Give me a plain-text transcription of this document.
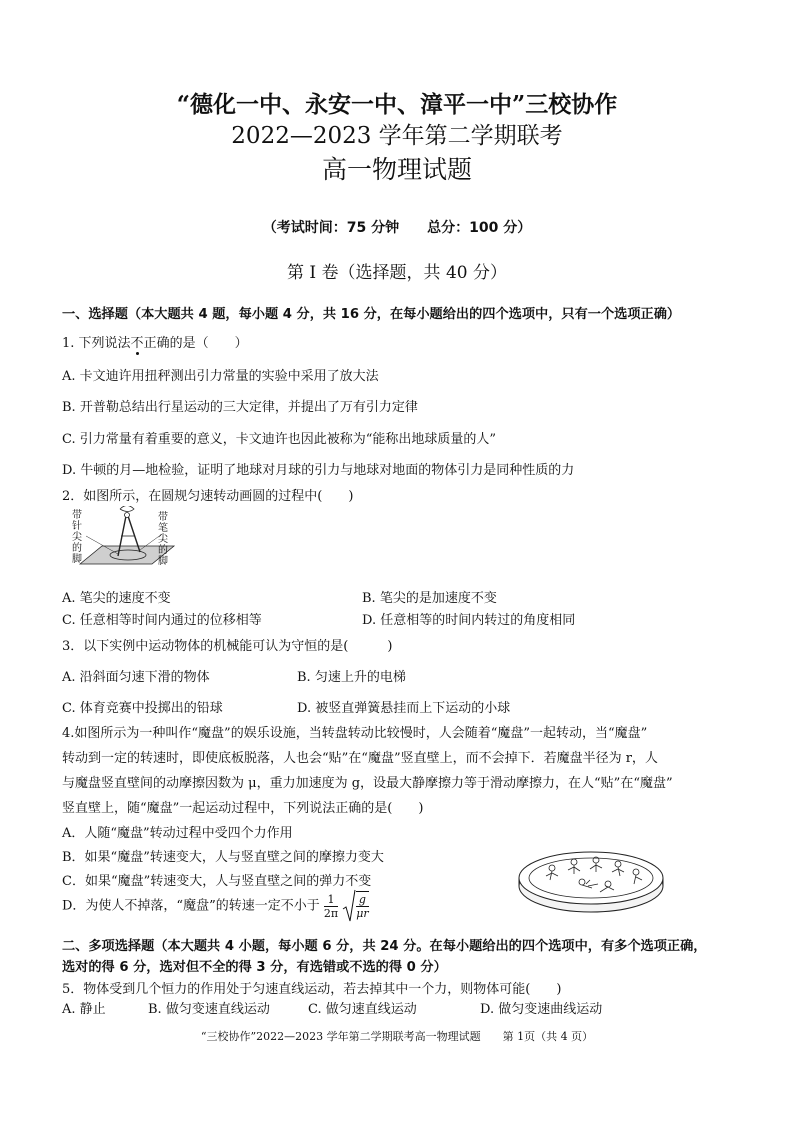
“德化一中、永安一中、漳平一中”三校协作
2022—2023 学年第二学期联考
高一物理试题
（考试时间：75 分钟 总分：100 分）
第 I 卷（选择题，共 40 分）
一、选择题（本大题共 4 题，每小题 4 分，共 16 分，在每小题给出的四个选项中，只有一个选项正确）
1. 下列说法不正确的是（　　）
A. 卡文迪许用扭秤测出引力常量的实验中采用了放大法
B. 开普勒总结出行星运动的三大定律，并提出了万有引力定律
C. 引力常量有着重要的意义，卡文迪许也因此被称为“能称出地球质量的人”
D. 牛顿的月—地检验，证明了地球对月球的引力与地球对地面的物体引力是同种性质的力
2．如图所示，在圆规匀速转动画圆的过程中(　　)
带针尖的脚
带笔尖的脚
A. 笔尖的速度不变	B. 笔尖的是加速度不变
C. 任意相等时间内通过的位移相等	D. 任意相等的时间内转过的角度相同
3．以下实例中运动物体的机械能可认为守恒的是(　　　)
A. 沿斜面匀速下滑的物体	B. 匀速上升的电梯
C. 体育竞赛中投掷出的铅球	D. 被竖直弹簧悬挂而上下运动的小球
4.如图所示为一种叫作“魔盘”的娱乐设施，当转盘转动比较慢时，人会随着“魔盘”一起转动，当“魔盘”
转动到一定的转速时，即使底板脱落，人也会“贴”在“魔盘”竖直壁上，而不会掉下．若魔盘半径为 r，人
与魔盘竖直壁间的动摩擦因数为 μ，重力加速度为 g，设最大静摩擦力等于滑动摩擦力，在人“贴”在“魔盘”
竖直壁上，随“魔盘”一起运动过程中，下列说法正确的是(　　)
A．人随“魔盘”转动过程中受四个力作用
B．如果“魔盘”转速变大，人与竖直壁之间的摩擦力变大
C．如果“魔盘”转速变大，人与竖直壁之间的弹力不变
D．为使人不掉落，“魔盘”的转速一定不小于 $\frac{1}{2\pi} \frac{g}{\mu r}$
二、多项选择题（本大题共 4 小题，每小题 6 分，共 24 分。在每小题给出的四个选项中，有多个选项正确，
选对的得 6 分，选对但不全的得 3 分，有选错或不选的得 0 分）
5．物体受到几个恒力的作用处于匀速直线运动，若去掉其中一个力，则物体可能(　　)
A. 静止	B. 做匀变速直线运动	C. 做匀速直线运动	D. 做匀变速曲线运动
“三校协作”2022—2023 学年第二学期联考高一物理试题　　第 1页（共 4 页）
